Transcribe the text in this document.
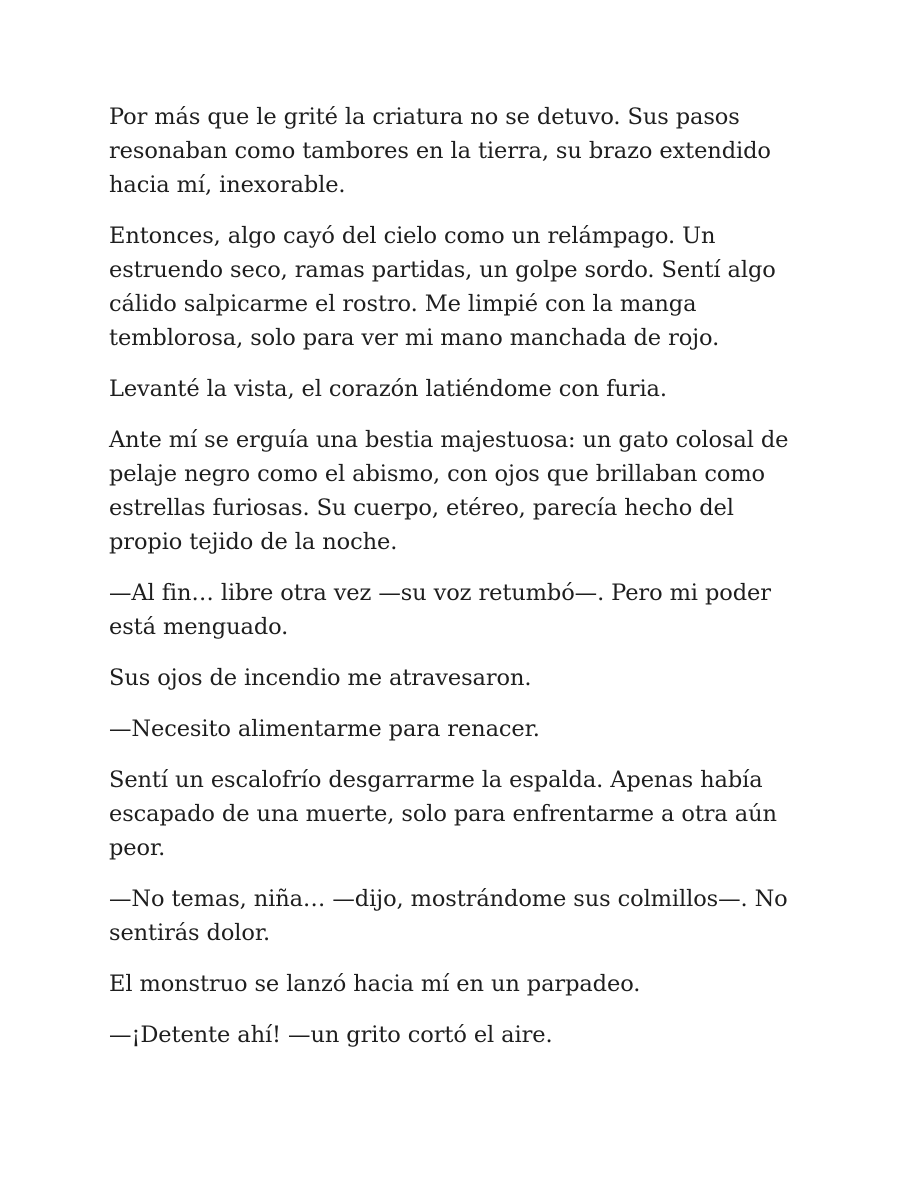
Por más que le grité la criatura no se detuvo. Sus pasos resonaban como tambores en la tierra, su brazo extendido hacia mí, inexorable.

Entonces, algo cayó del cielo como un relámpago. Un estruendo seco, ramas partidas, un golpe sordo. Sentí algo cálido salpicarme el rostro. Me limpié con la manga temblorosa, solo para ver mi mano manchada de rojo.

Levanté la vista, el corazón latiéndome con furia.

Ante mí se erguía una bestia majestuosa: un gato colosal de pelaje negro como el abismo, con ojos que brillaban como estrellas furiosas. Su cuerpo, etéreo, parecía hecho del propio tejido de la noche.

—Al fin… libre otra vez —su voz retumbó—. Pero mi poder está menguado.

Sus ojos de incendio me atravesaron.

—Necesito alimentarme para renacer.

Sentí un escalofrío desgarrarme la espalda. Apenas había escapado de una muerte, solo para enfrentarme a otra aún peor.

—No temas, niña… —dijo, mostrándome sus colmillos—. No sentirás dolor.

El monstruo se lanzó hacia mí en un parpadeo.

—¡Detente ahí! —un grito cortó el aire.
